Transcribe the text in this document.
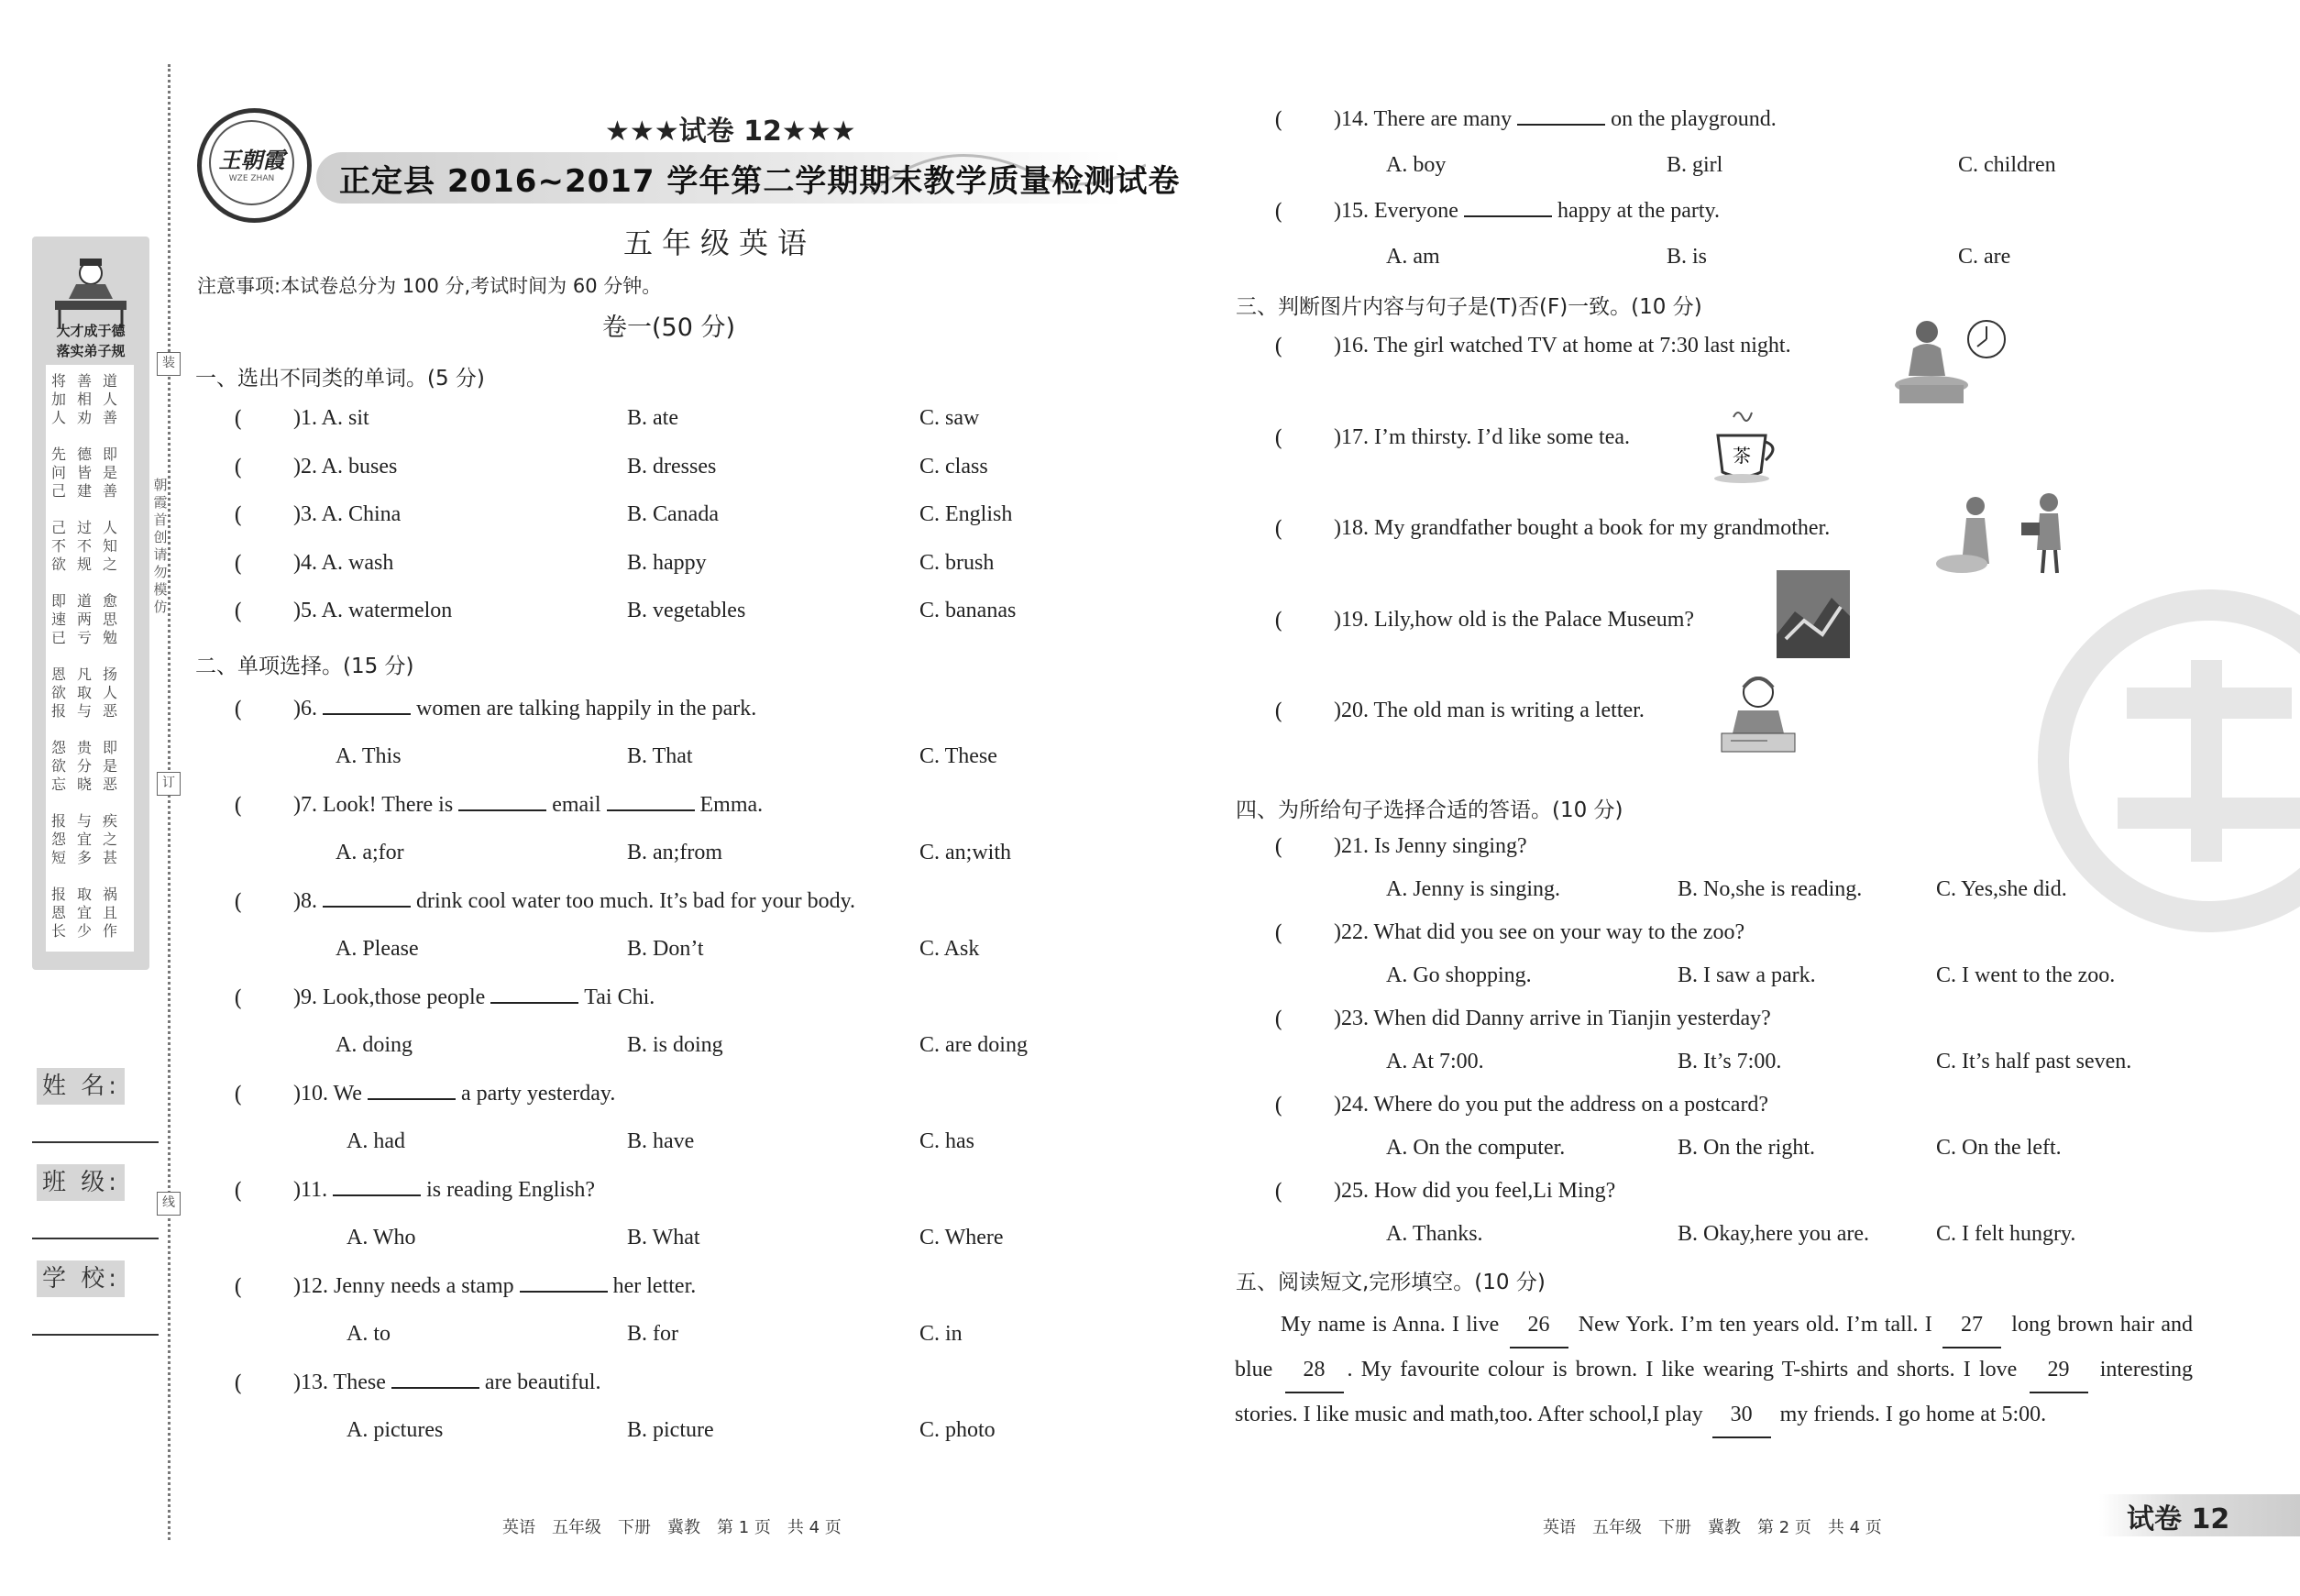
大才成于德
落实弟子规
将善道
加相人
人劝善
先德即
问皆是
己建善
己过人
不不知
欲规之
即道愈
速两思
已亏勉
恩凡扬
欲取人
报与恶
怨贵即
欲分是
忘晓恶
报与疾
怨宜之
短多甚
报取祸
恩宜且
长少作
装
订
线
朝霞首创 请勿模仿
姓 名:
班 级:
学 校:
王朝霞
WZE ZHAN
★★★试卷 12★★★
正定县 2016~2017 学年第二学期期末教学质量检测试卷
五年级英语
注意事项:本试卷总分为 100 分,考试时间为 60 分钟。
卷一(50 分)
一、选出不同类的单词。(5 分)
二、单项选择。(15 分)
三、判断图片内容与句子是(T)否(F)一致。(10 分)
茶
四、为所给句子选择合适的答语。(10 分)
五、阅读短文,完形填空。(10 分)
My name is Anna. I live 26 New York. I’m ten years old. I’m tall. I 27 long brown hair and blue 28 . My favourite colour is brown. I like wearing T-shirts and shorts. I love 29 interesting stories. I like music and math,too. After school,I play 30 my friends. I go home at 5:00.
英语　五年级　下册　冀教　第 1 页　共 4 页	英语　五年级　下册　冀教　第 2 页　共 4 页	试卷 12
( )1. A. sit	B. ate	C. saw
( )2. A. buses	B. dresses	C. class
( )3. A. China	B. Canada	C. English
( )4. A. wash	B. happy	C. brush
( )5. A. watermelon	B. vegetables	C. bananas
( )6.	women are talking happily in the park.
A. This	B. That	C. These
( )7. Look! There is	email	Emma.
A. a;for	B. an;from	C. an;with
( )8.	drink cool water too much. It’s bad for your body.
A. Please	B. Don’t	C. Ask
( )9. Look,those people	Tai Chi.
A. doing	B. is doing	C. are doing
( )10. We	a party yesterday.
A. had	B. have	C. has
( )11.	is reading English?
A. Who	B. What	C. Where
( )12. Jenny needs a stamp	her letter.
A. to	B. for	C. in
( )13. These	are beautiful.
A. pictures	B. picture	C. photo
( )14. There are many	on the playground.
A. boy	B. girl	C. children
( )15. Everyone	happy at the party.
A. am	B. is	C. are
( )16. The girl watched TV at home at 7:30 last night.
( )17. I’m thirsty. I’d like some tea.
( )18. My grandfather bought a book for my grandmother.
( )19. Lily,how old is the Palace Museum?
( )20. The old man is writing a letter.
( )21. Is Jenny singing?
A. Jenny is singing.	B. No,she is reading.	C. Yes,she did.
( )22. What did you see on your way to the zoo?
A. Go shopping.	B. I saw a park.	C. I went to the zoo.
( )23. When did Danny arrive in Tianjin yesterday?
A. At 7:00.	B. It’s 7:00.	C. It’s half past seven.
( )24. Where do you put the address on a postcard?
A. On the computer.	B. On the right.	C. On the left.
( )25. How did you feel,Li Ming?
A. Thanks.	B. Okay,here you are.	C. I felt hungry.
